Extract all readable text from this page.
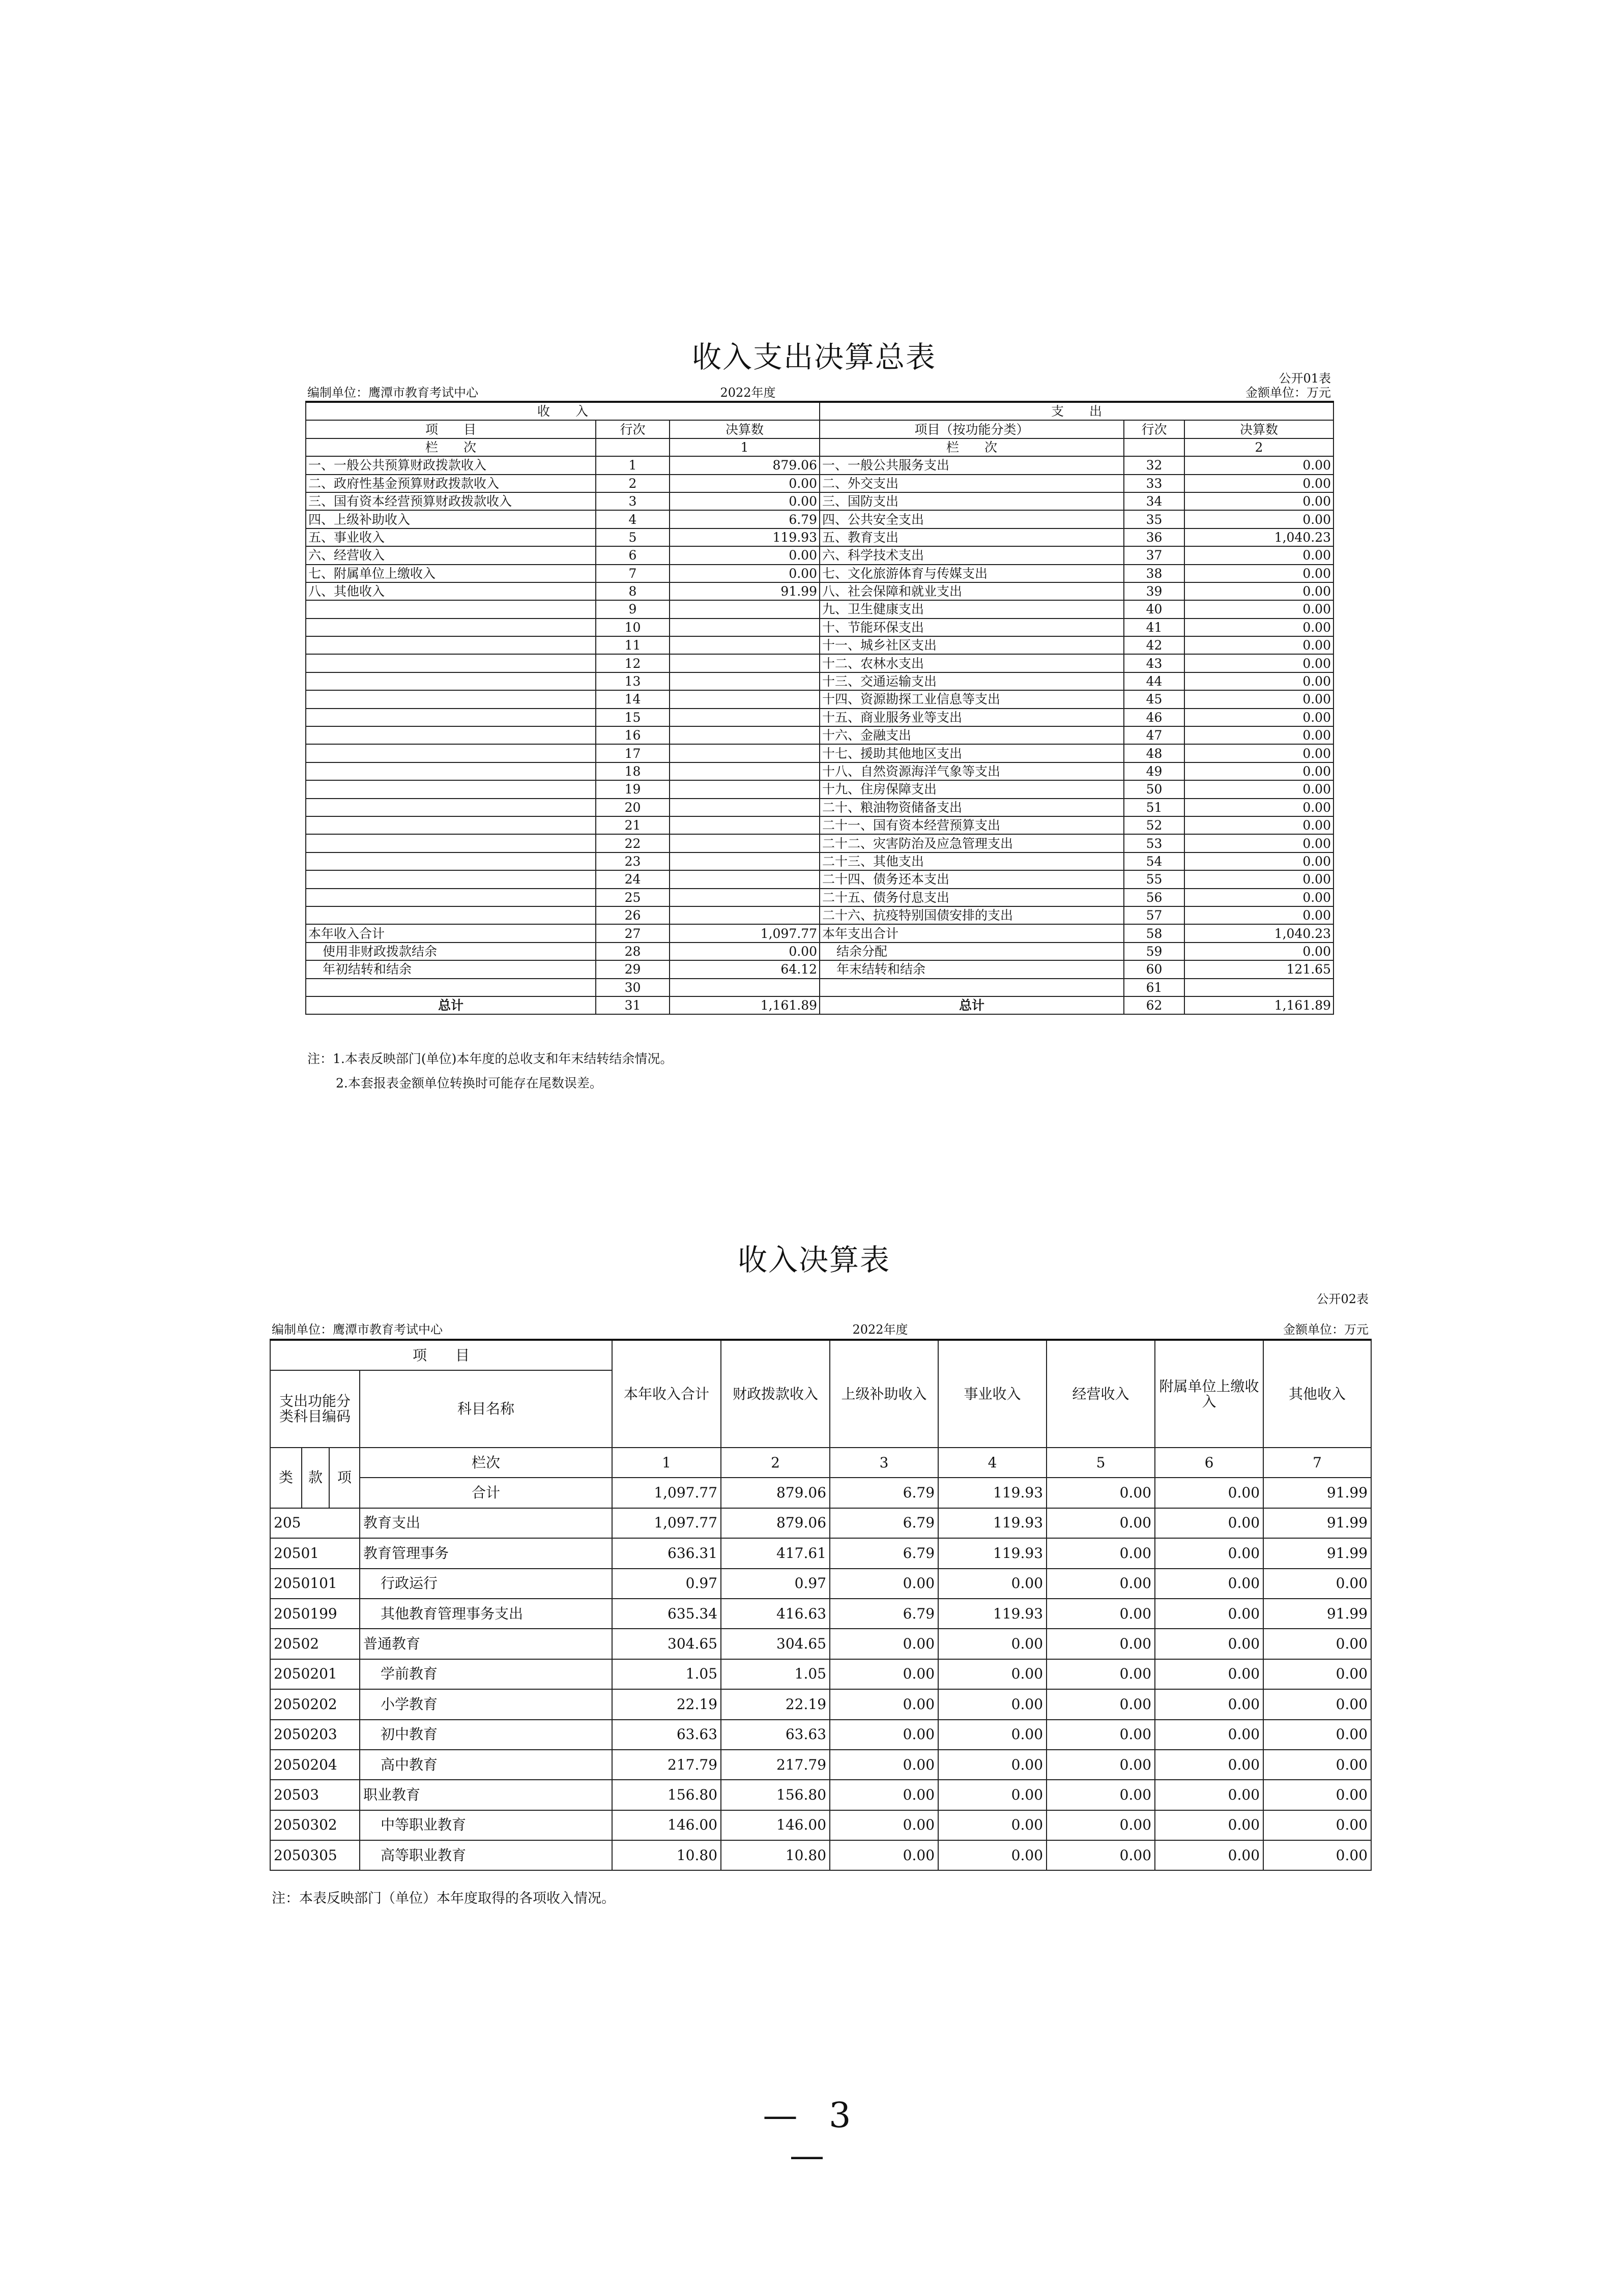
收入支出决算总表
公开01表
编制单位：鹰潭市教育考试中心	2022年度	金额单位：万元
收　　入			支　　出		
项　　目	行次	决算数	项目（按功能分类）	行次	决算数
栏　　次		1	栏　　次		2
一、一般公共预算财政拨款收入	1	879.06	一、一般公共服务支出	32	0.00
二、政府性基金预算财政拨款收入	2	0.00	二、外交支出	33	0.00
三、国有资本经营预算财政拨款收入	3	0.00	三、国防支出	34	0.00
四、上级补助收入	4	6.79	四、公共安全支出	35	0.00
五、事业收入	5	119.93	五、教育支出	36	1,040.23
六、经营收入	6	0.00	六、科学技术支出	37	0.00
七、附属单位上缴收入	7	0.00	七、文化旅游体育与传媒支出	38	0.00
八、其他收入	8	91.99	八、社会保障和就业支出	39	0.00
	9		九、卫生健康支出	40	0.00
	10		十、节能环保支出	41	0.00
	11		十一、城乡社区支出	42	0.00
	12		十二、农林水支出	43	0.00
	13		十三、交通运输支出	44	0.00
	14		十四、资源勘探工业信息等支出	45	0.00
	15		十五、商业服务业等支出	46	0.00
	16		十六、金融支出	47	0.00
	17		十七、援助其他地区支出	48	0.00
	18		十八、自然资源海洋气象等支出	49	0.00
	19		十九、住房保障支出	50	0.00
	20		二十、粮油物资储备支出	51	0.00
	21		二十一、国有资本经营预算支出	52	0.00
	22		二十二、灾害防治及应急管理支出	53	0.00
	23		二十三、其他支出	54	0.00
	24		二十四、债务还本支出	55	0.00
	25		二十五、债务付息支出	56	0.00
	26		二十六、抗疫特别国债安排的支出	57	0.00
本年收入合计	27	1,097.77	本年支出合计	58	1,040.23
使用非财政拨款结余	28	0.00	结余分配	59	0.00
年初结转和结余	29	64.12	年末结转和结余	60	121.65
	30			61	
总计	31	1,161.89	总计	62	1,161.89
注：1.本表反映部门(单位)本年度的总收支和年末结转结余情况。
2.本套报表金额单位转换时可能存在尾数误差。
收入决算表
公开02表
编制单位：鹰潭市教育考试中心	2022年度	金额单位：万元
项　　目				本年收入合计	财政拨款收入	上级补助收入	事业收入	经营收入	附属单位上缴收入	其他收入
支出功能分类科目编码			科目名称							

类	款	项	栏次	1	2	3	4	5	6	7
			合计	1,097.77	879.06	6.79	119.93	0.00	0.00	91.99
205			教育支出	1,097.77	879.06	6.79	119.93	0.00	0.00	91.99
20501			教育管理事务	636.31	417.61	6.79	119.93	0.00	0.00	91.99
2050101			行政运行	0.97	0.97	0.00	0.00	0.00	0.00	0.00
2050199			其他教育管理事务支出	635.34	416.63	6.79	119.93	0.00	0.00	91.99
20502			普通教育	304.65	304.65	0.00	0.00	0.00	0.00	0.00
2050201			学前教育	1.05	1.05	0.00	0.00	0.00	0.00	0.00
2050202			小学教育	22.19	22.19	0.00	0.00	0.00	0.00	0.00
2050203			初中教育	63.63	63.63	0.00	0.00	0.00	0.00	0.00
2050204			高中教育	217.79	217.79	0.00	0.00	0.00	0.00	0.00
20503			职业教育	156.80	156.80	0.00	0.00	0.00	0.00	0.00
2050302			中等职业教育	146.00	146.00	0.00	0.00	0.00	0.00	0.00
2050305			高等职业教育	10.80	10.80	0.00	0.00	0.00	0.00	0.00
注：本表反映部门（单位）本年度取得的各项收入情况。
— 3 —
